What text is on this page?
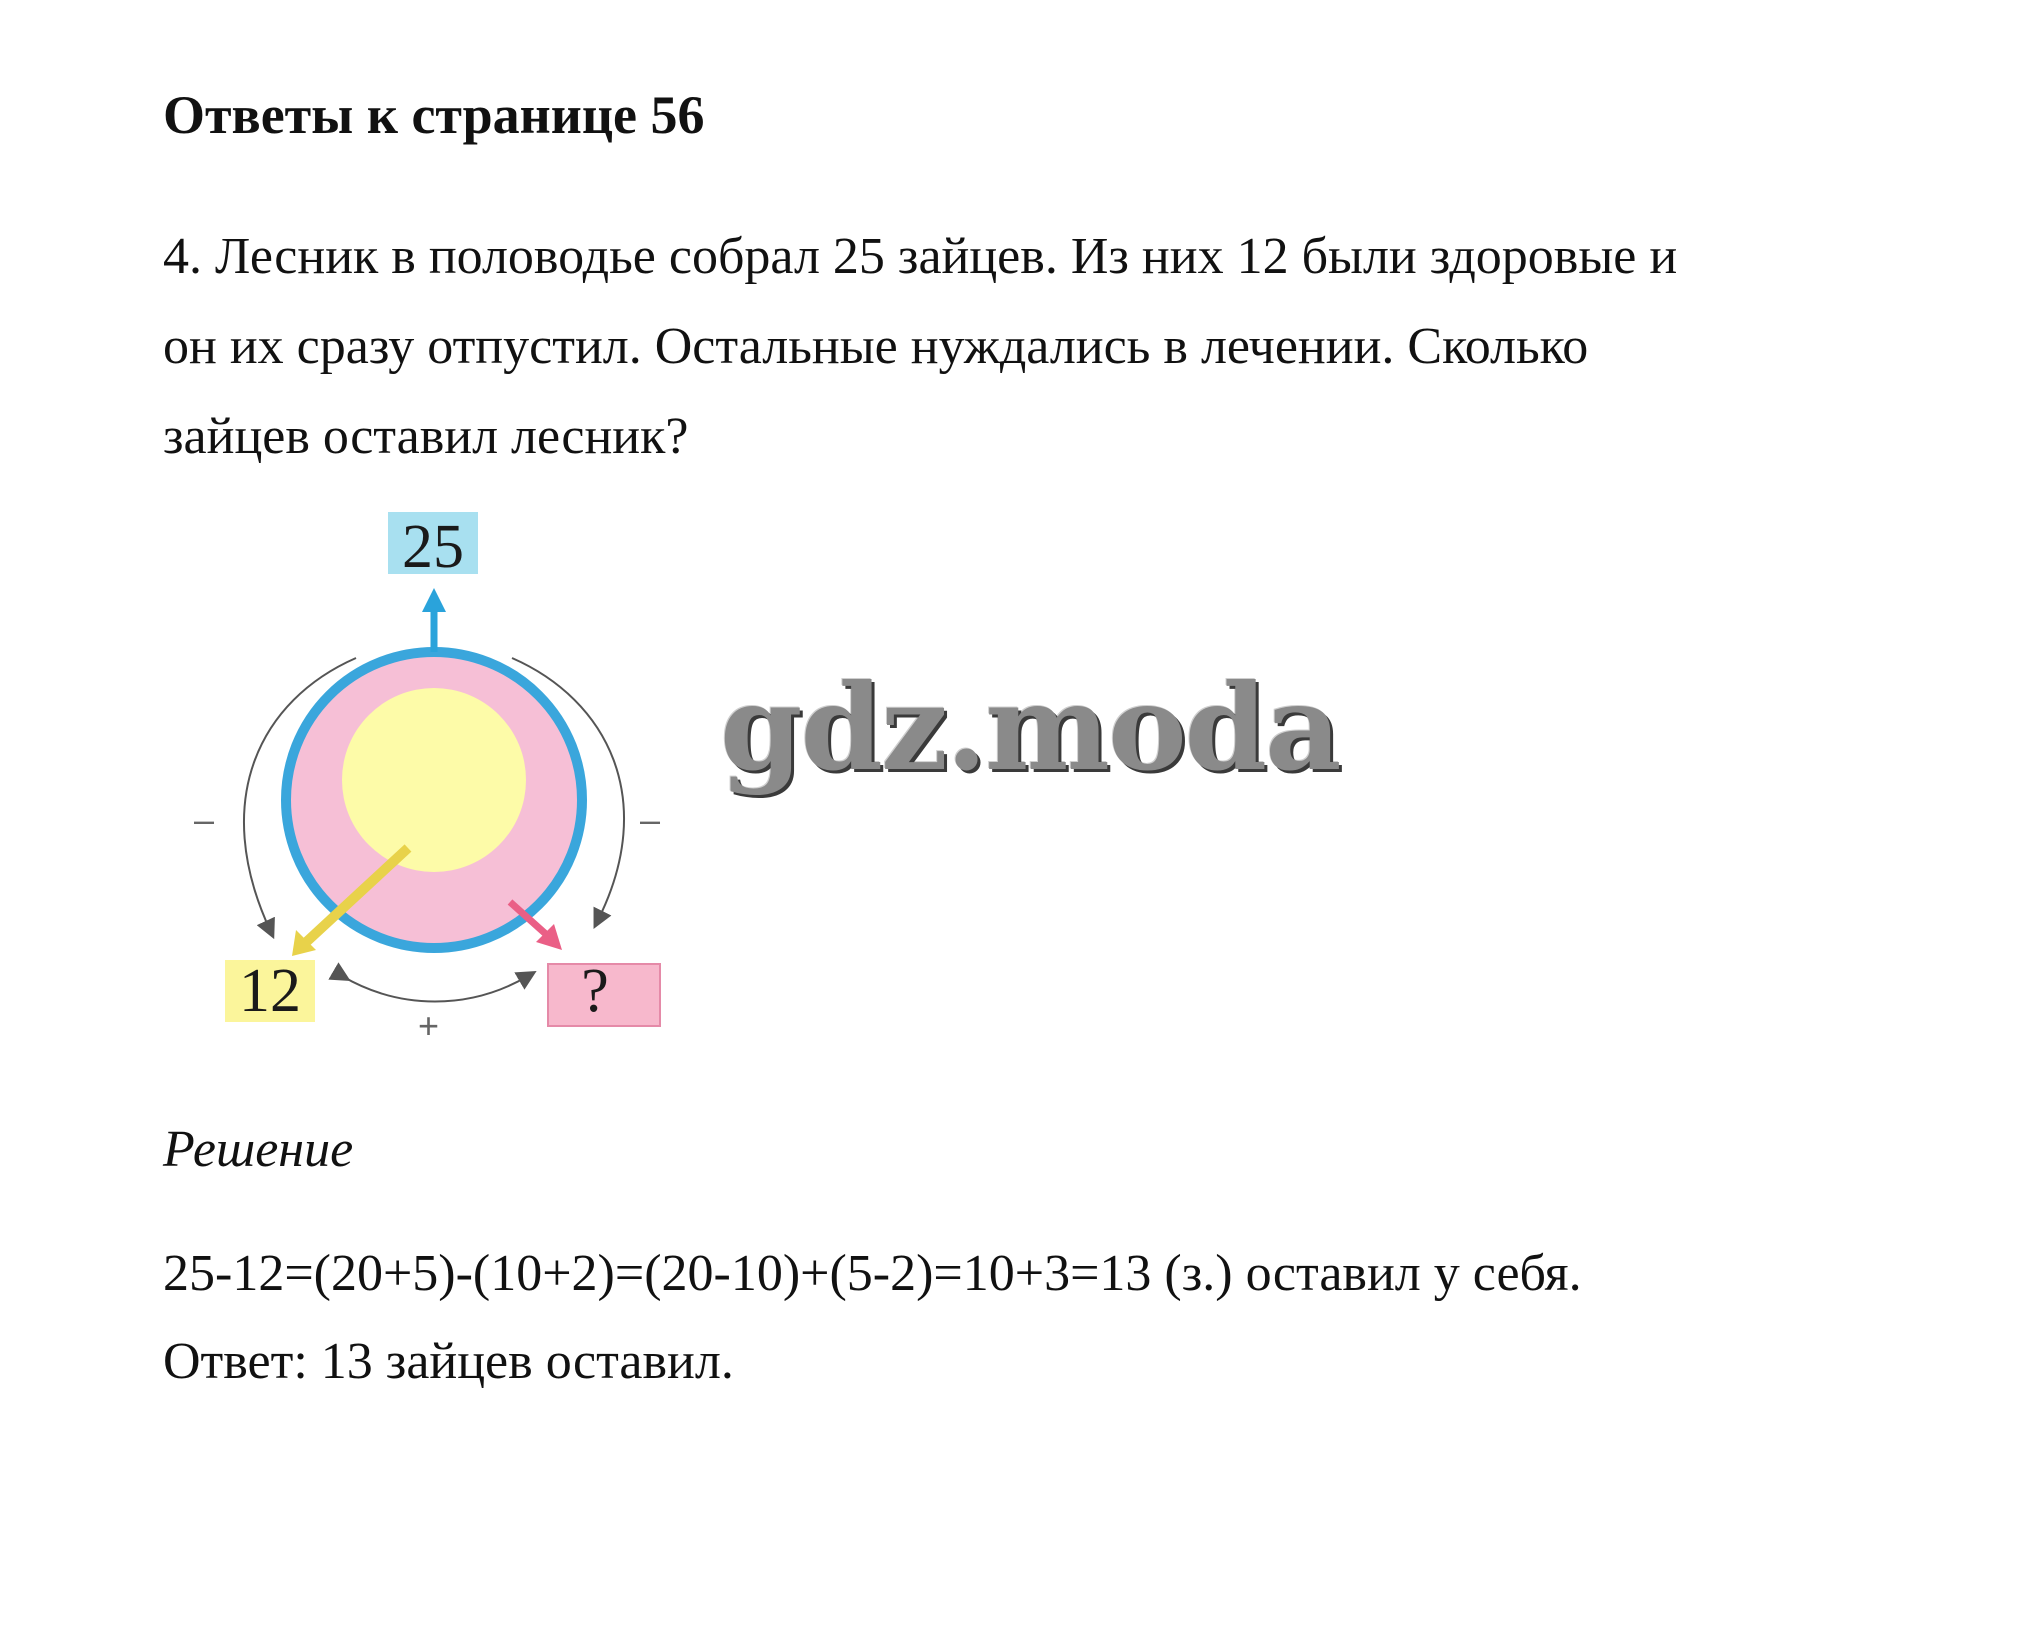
Ответы к странице 56
4. Лесник в половодье собрал 25 зайцев. Из них 12 были здоровые и
он их сразу отпустил. Остальные нуждались в лечении. Сколько
зайцев оставил лесник?
25
12	?
–	–
+
gdz.moda
Решение
25-12=(20+5)-(10+2)=(20-10)+(5-2)=10+3=13 (з.) оставил у себя.
Ответ: 13 зайцев оставил.
